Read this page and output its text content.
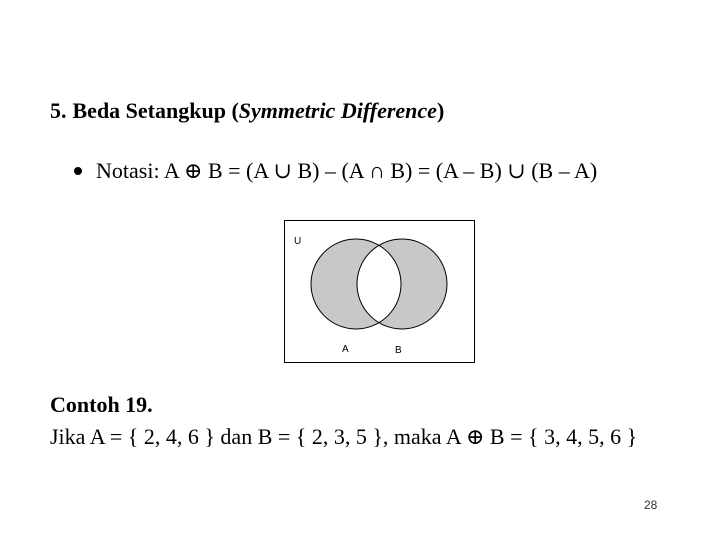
5. Beda Setangkup (Symmetric Difference)
Notasi: A ⊕ B = (A ∪ B) – (A ∩ B) = (A – B) ∪ (B – A)
U
A	B
Contoh 19.
Jika A = { 2, 4, 6 } dan B = { 2, 3, 5 }, maka A ⊕ B = { 3, 4, 5, 6 }
28
